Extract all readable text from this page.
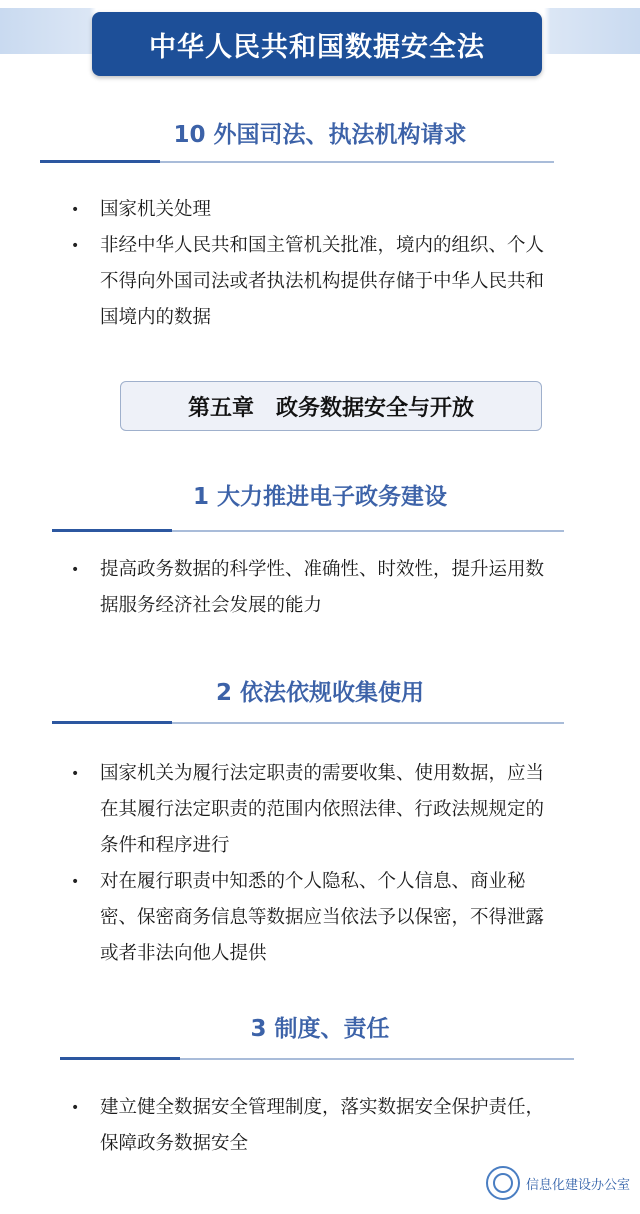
中华人民共和国数据安全法
10 外国司法、执法机构请求
• 国家机关处理
• 非经中华人民共和国主管机关批准，境内的组织、个人不得向外国司法或者执法机构提供存储于中华人民共和国境内的数据
第五章　政务数据安全与开放
1 大力推进电子政务建设
• 提高政务数据的科学性、准确性、时效性，提升运用数据服务经济社会发展的能力
2 依法依规收集使用
• 国家机关为履行法定职责的需要收集、使用数据，应当在其履行法定职责的范围内依照法律、行政法规规定的条件和程序进行
• 对在履行职责中知悉的个人隐私、个人信息、商业秘密、保密商务信息等数据应当依法予以保密，不得泄露或者非法向他人提供
3 制度、责任
• 建立健全数据安全管理制度，落实数据安全保护责任，保障政务数据安全
信息化建设办公室
